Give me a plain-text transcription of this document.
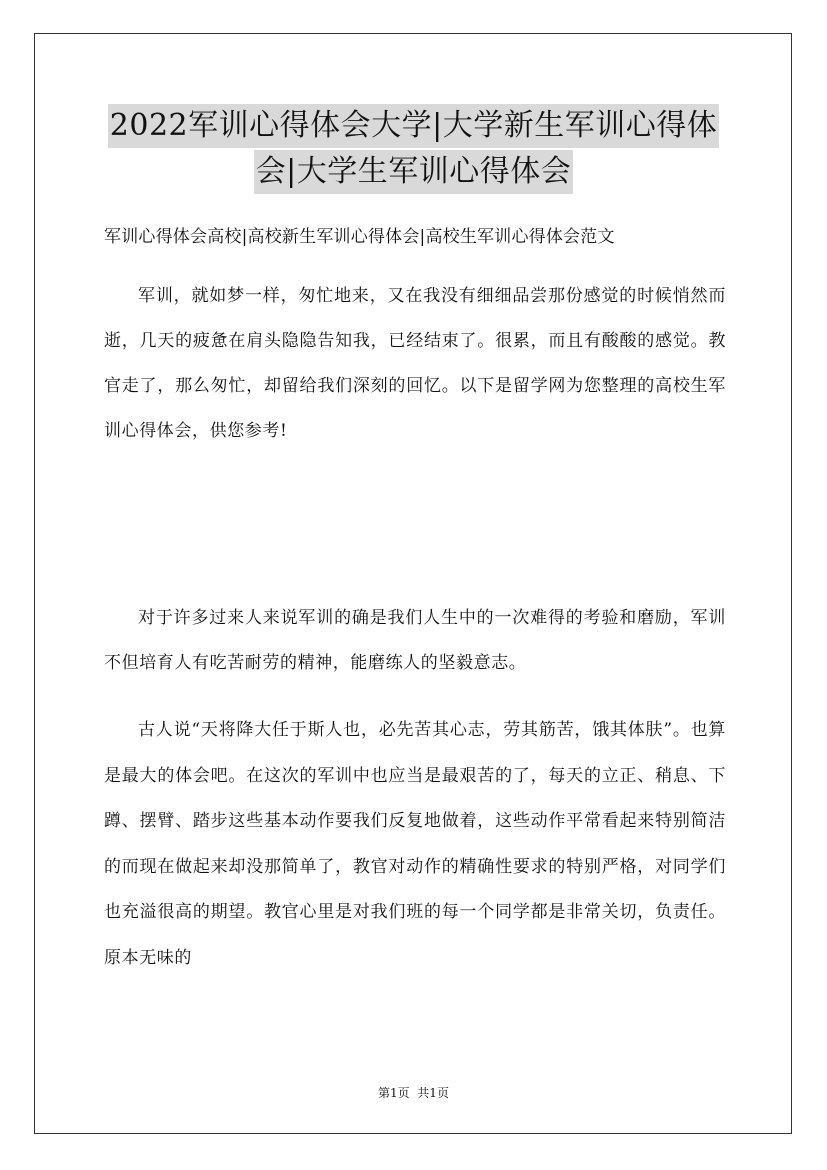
2022军训心得体会大学|大学新生军训心得体
会|大学生军训心得体会
军训心得体会高校|高校新生军训心得体会|高校生军训心得体会范文

军训，就如梦一样，匆忙地来，又在我没有细细品尝那份感觉的时候悄然而逝，几天的疲惫在肩头隐隐告知我，已经结束了。很累，而且有酸酸的感觉。教官走了，那么匆忙，却留给我们深刻的回忆。以下是留学网为您整理的高校生军训心得体会，供您参考!

对于许多过来人来说军训的确是我们人生中的一次难得的考验和磨励，军训不但培育人有吃苦耐劳的精神，能磨练人的坚毅意志。

古人说“天将降大任于斯人也，必先苦其心志，劳其筋苦，饿其体肤”。也算是最大的体会吧。在这次的军训中也应当是最艰苦的了，每天的立正、稍息、下蹲、摆臂、踏步这些基本动作要我们反复地做着，这些动作平常看起来特别简洁的而现在做起来却没那简单了，教官对动作的精确性要求的特别严格，对同学们也充溢很高的期望。教官心里是对我们班的每一个同学都是非常关切，负责任。原本无味的

第1页  共1页
